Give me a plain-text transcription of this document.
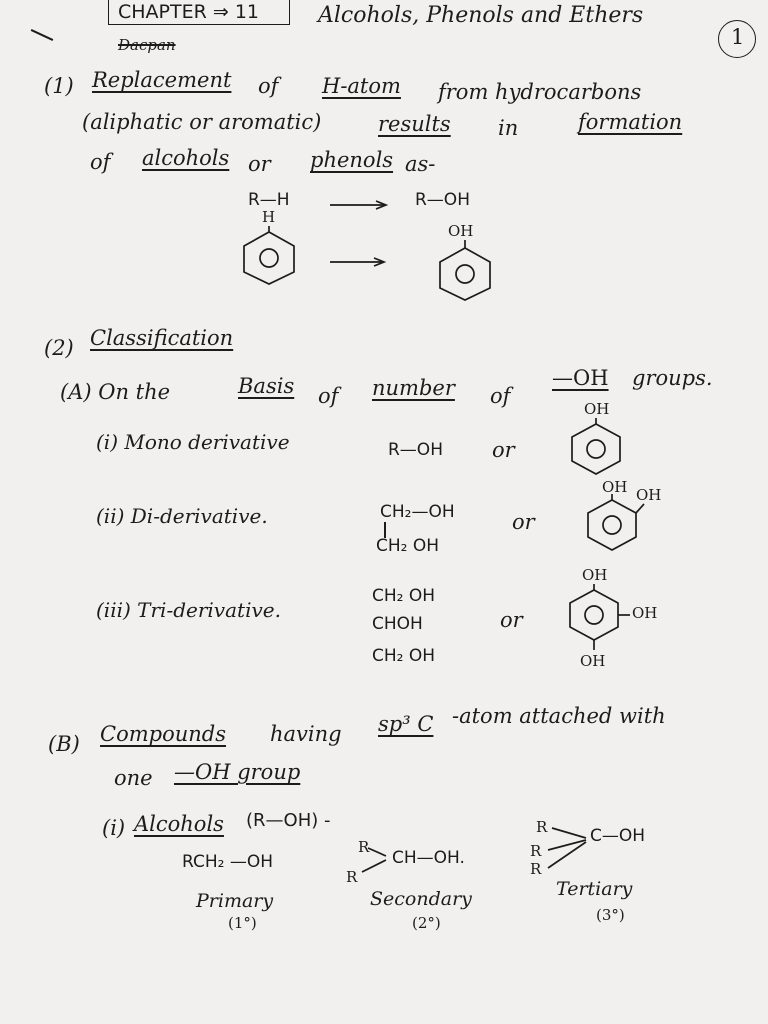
CHAPTER ⇒ 11	Alcohols, Phenols and Ethers
1
Dacpan
(1) Replacement of H-atom from hydrocarbons
(aliphatic or aromatic)	results in	formation
of alcohols or phenols as-
R—H	R—OH
H
OH
(2) Classification
(A) On the	Basis of number of
—OH groups.
(i) Mono derivative	R—OH or
OH
(ii) Di-derivative.	CH₂—OH
CH₂ OH
or
OH OH
(iii) Tri-derivative.
CH₂ OH
CHOH
CH₂ OH
or
OH
OH
OH
(B) Compounds having sp³ C -atom attached with
one —OH group
(i) Alcohols (R—OH) -
RCH₂ —OH
Primary
(1°)
R
R
CH—OH.
Secondary
(2°)
R
R
R
C—OH
Tertiary
(3°)
